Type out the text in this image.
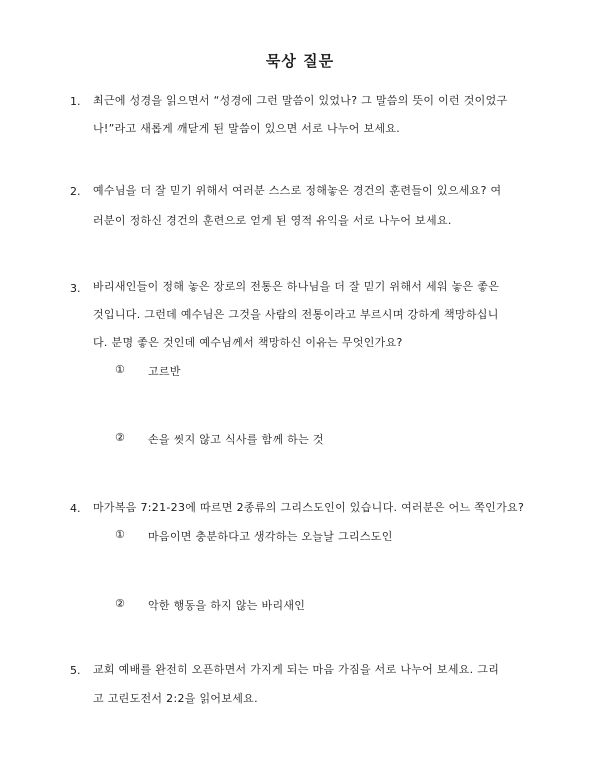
묵상 질문
1. 최근에 성경을 읽으면서 “성경에 그런 말씀이 있었나? 그 말씀의 뜻이 이런 것이었구
나!”라고 새롭게 깨닫게 된 말씀이 있으면 서로 나누어 보세요.
2. 예수님을 더 잘 믿기 위해서 여러분 스스로 정해놓은 경건의 훈련들이 있으세요? 여
러분이 정하신 경건의 훈련으로 얻게 된 영적 유익을 서로 나누어 보세요.
3. 바리새인들이 정해 놓은 장로의 전통은 하나님을 더 잘 믿기 위해서 세워 놓은 좋은
것입니다. 그런데 예수님은 그것을 사람의 전통이라고 부르시며 강하게 책망하십니
다. 분명 좋은 것인데 예수님께서 책망하신 이유는 무엇인가요?
① 고르반
② 손을 씻지 않고 식사를 함께 하는 것
4. 마가복음 7:21-23에 따르면 2종류의 그리스도인이 있습니다. 여러분은 어느 쪽인가요?
① 마음이면 충분하다고 생각하는 오늘날 그리스도인
② 악한 행동을 하지 않는 바리새인
5. 교회 예배를 완전히 오픈하면서 가지게 되는 마음 가짐을 서로 나누어 보세요. 그리
고 고린도전서 2:2을 읽어보세요.
